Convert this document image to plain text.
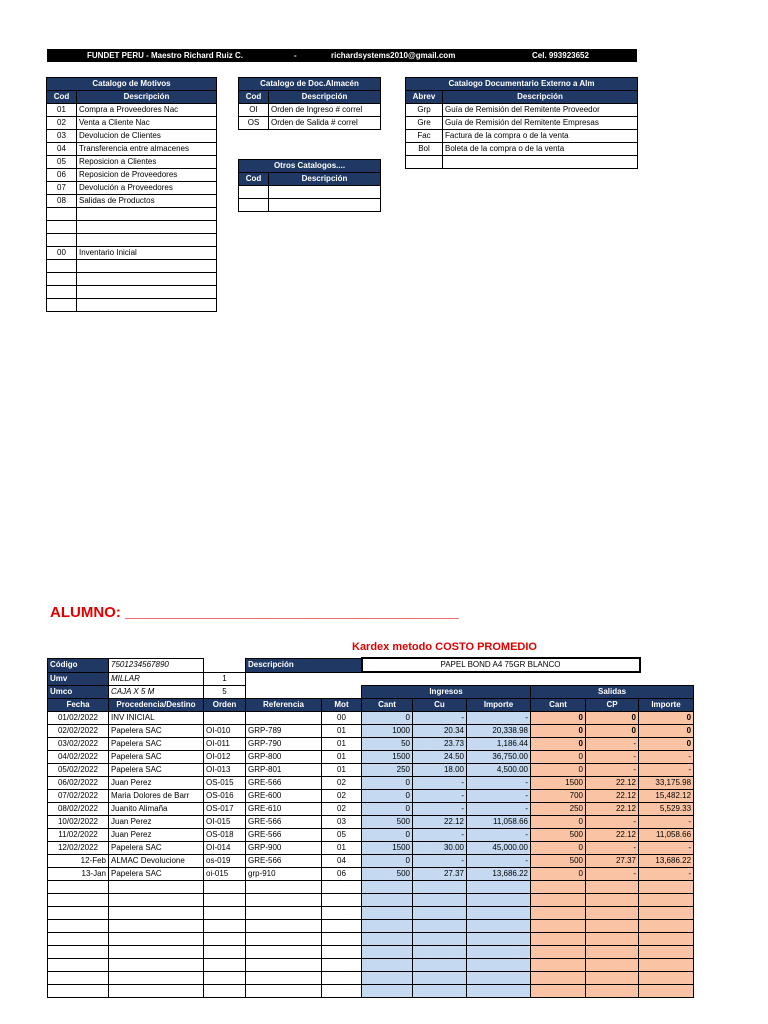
FUNDET PERU - Maestro Richard Ruiz C.	-	richardsystems2010@gmail.com	Cel. 993923652
Catalogo de Motivos	
Cod	Descripción
01	Compra a Proveedores Nac
02	Venta a Cliente Nac
03	Devolucion de Clientes
04	Transferencia entre almacenes
05	Reposicion a Clientes
06	Reposicion de Proveedores
07	Devolución a Proveedores
08	Salidas de Productos

00	Inventario Inicial

Catalogo de Doc.Almacén	
Cod	Descripción
OI	Orden de Ingreso # correl
OS	Orden de Salida # correl
Otros Catalogos....	
Cod	Descripción

Catalogo Documentario Externo a Alm	
Abrev	Descripción
Grp	Guía de Remisión del Remitente Proveedor
Gre	Guía de Remisión del Remitente Empresas
Fac	Factura de la compra o de la venta
Bol	Boleta de la compra o de la venta

ALUMNO: ________________________________________
Kardex metodo COSTO PROMEDIO
Código	7501234567890		Descripción	PAPEL BOND A4 75GR BLANCO
Umv	MILLAR	1		
Umco	CAJA X 5 M	5			Ingresos			Salidas		
Fecha	Procedencia/Destino	Orden	Referencia	Mot	Cant	Cu	Importe	Cant	CP	Importe
01/02/2022	INV INICIAL			00	0	-	-	0	0	0
02/02/2022	Papelera SAC	OI-010	GRP-789	01	1000	20.34	20,338.98	0	0	0
03/02/2022	Papelera SAC	OI-011	GRP-790	01	50	23.73	1,186.44	0	-	0
04/02/2022	Papelera SAC	OI-012	GRP-800	01	1500	24.50	36,750.00	0	-	-
05/02/2022	Papelera SAC	OI-013	GRP-801	01	250	18.00	4,500.00	0	-	-
06/02/2022	Juan Perez	OS-015	GRE-566	02	0	-	-	1500	22.12	33,175.98
07/02/2022	Maria Dolores de Barr	OS-016	GRE-600	02	0	-	-	700	22.12	15,482.12
08/02/2022	Juanito Alimaña	OS-017	GRE-610	02	0	-	-	250	22.12	5,529.33
10/02/2022	Juan Perez	OI-015	GRE-566	03	500	22.12	11,058.66	0	-	-
11/02/2022	Juan Perez	OS-018	GRE-566	05	0	-	-	500	22.12	11,058.66
12/02/2022	Papelera SAC	OI-014	GRP-900	01	1500	30.00	45,000.00	0	-	-
12-Feb	ALMAC Devolucione	os-019	GRE-566	04	0	-	-	500	27.37	13,686.22
13-Jan	Papelera SAC	oi-015	grp-910	06	500	27.37	13,686.22	0	-	-
